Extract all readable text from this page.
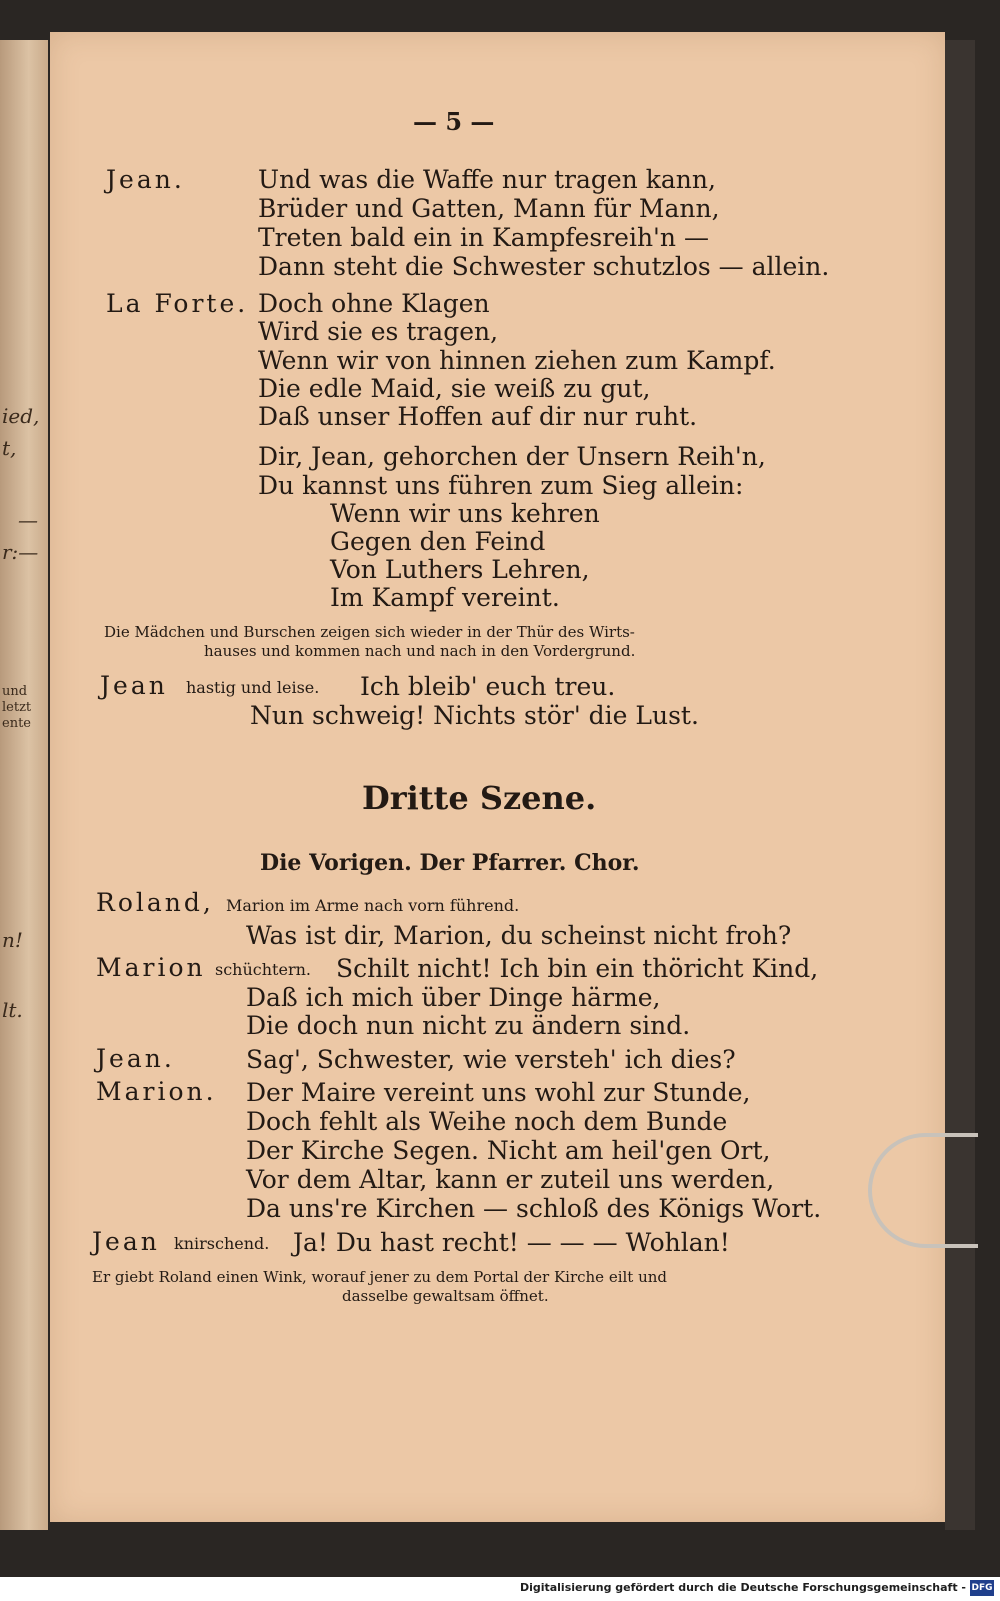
ied,
t,
—
r:—
und
letzt
ente
n!
lt.
— 5 —
Jean.	Und was die Waffe nur tragen kann,
Brüder und Gatten, Mann für Mann,
Treten bald ein in Kampfesreih'n —
Dann steht die Schwester schutzlos — allein.
La Forte. Doch ohne Klagen
Wird sie es tragen,
Wenn wir von hinnen ziehen zum Kampf.
Die edle Maid, sie weiß zu gut,
Daß unser Hoffen auf dir nur ruht.
Dir, Jean, gehorchen der Unsern Reih'n,
Du kannst uns führen zum Sieg allein:
Wenn wir uns kehren
Gegen den Feind
Von Luthers Lehren,
Im Kampf vereint.
Die Mädchen und Burschen zeigen sich wieder in der Thür des Wirts-
hauses und kommen nach und nach in den Vordergrund.
Jean hastig und leise. Ich bleib' euch treu.
Nun schweig! Nichts stör' die Lust.
Dritte Szene.
Die Vorigen. Der Pfarrer. Chor.
Roland, Marion im Arme nach vorn führend.
Was ist dir, Marion, du scheinst nicht froh?
Marion schüchtern. Schilt nicht! Ich bin ein thöricht Kind,
Daß ich mich über Dinge härme,
Die doch nun nicht zu ändern sind.
Jean.	Sag', Schwester, wie versteh' ich dies?
Marion. Der Maire vereint uns wohl zur Stunde,
Doch fehlt als Weihe noch dem Bunde
Der Kirche Segen. Nicht am heil'gen Ort,
Vor dem Altar, kann er zuteil uns werden,
Da uns're Kirchen — schloß des Königs Wort.
Jean knirschend. Ja! Du hast recht! — — — Wohlan!
Er giebt Roland einen Wink, worauf jener zu dem Portal der Kirche eilt und
dasselbe gewaltsam öffnet.
Digitalisierung gefördert durch die Deutsche Forschungsgemeinschaft - DFG
